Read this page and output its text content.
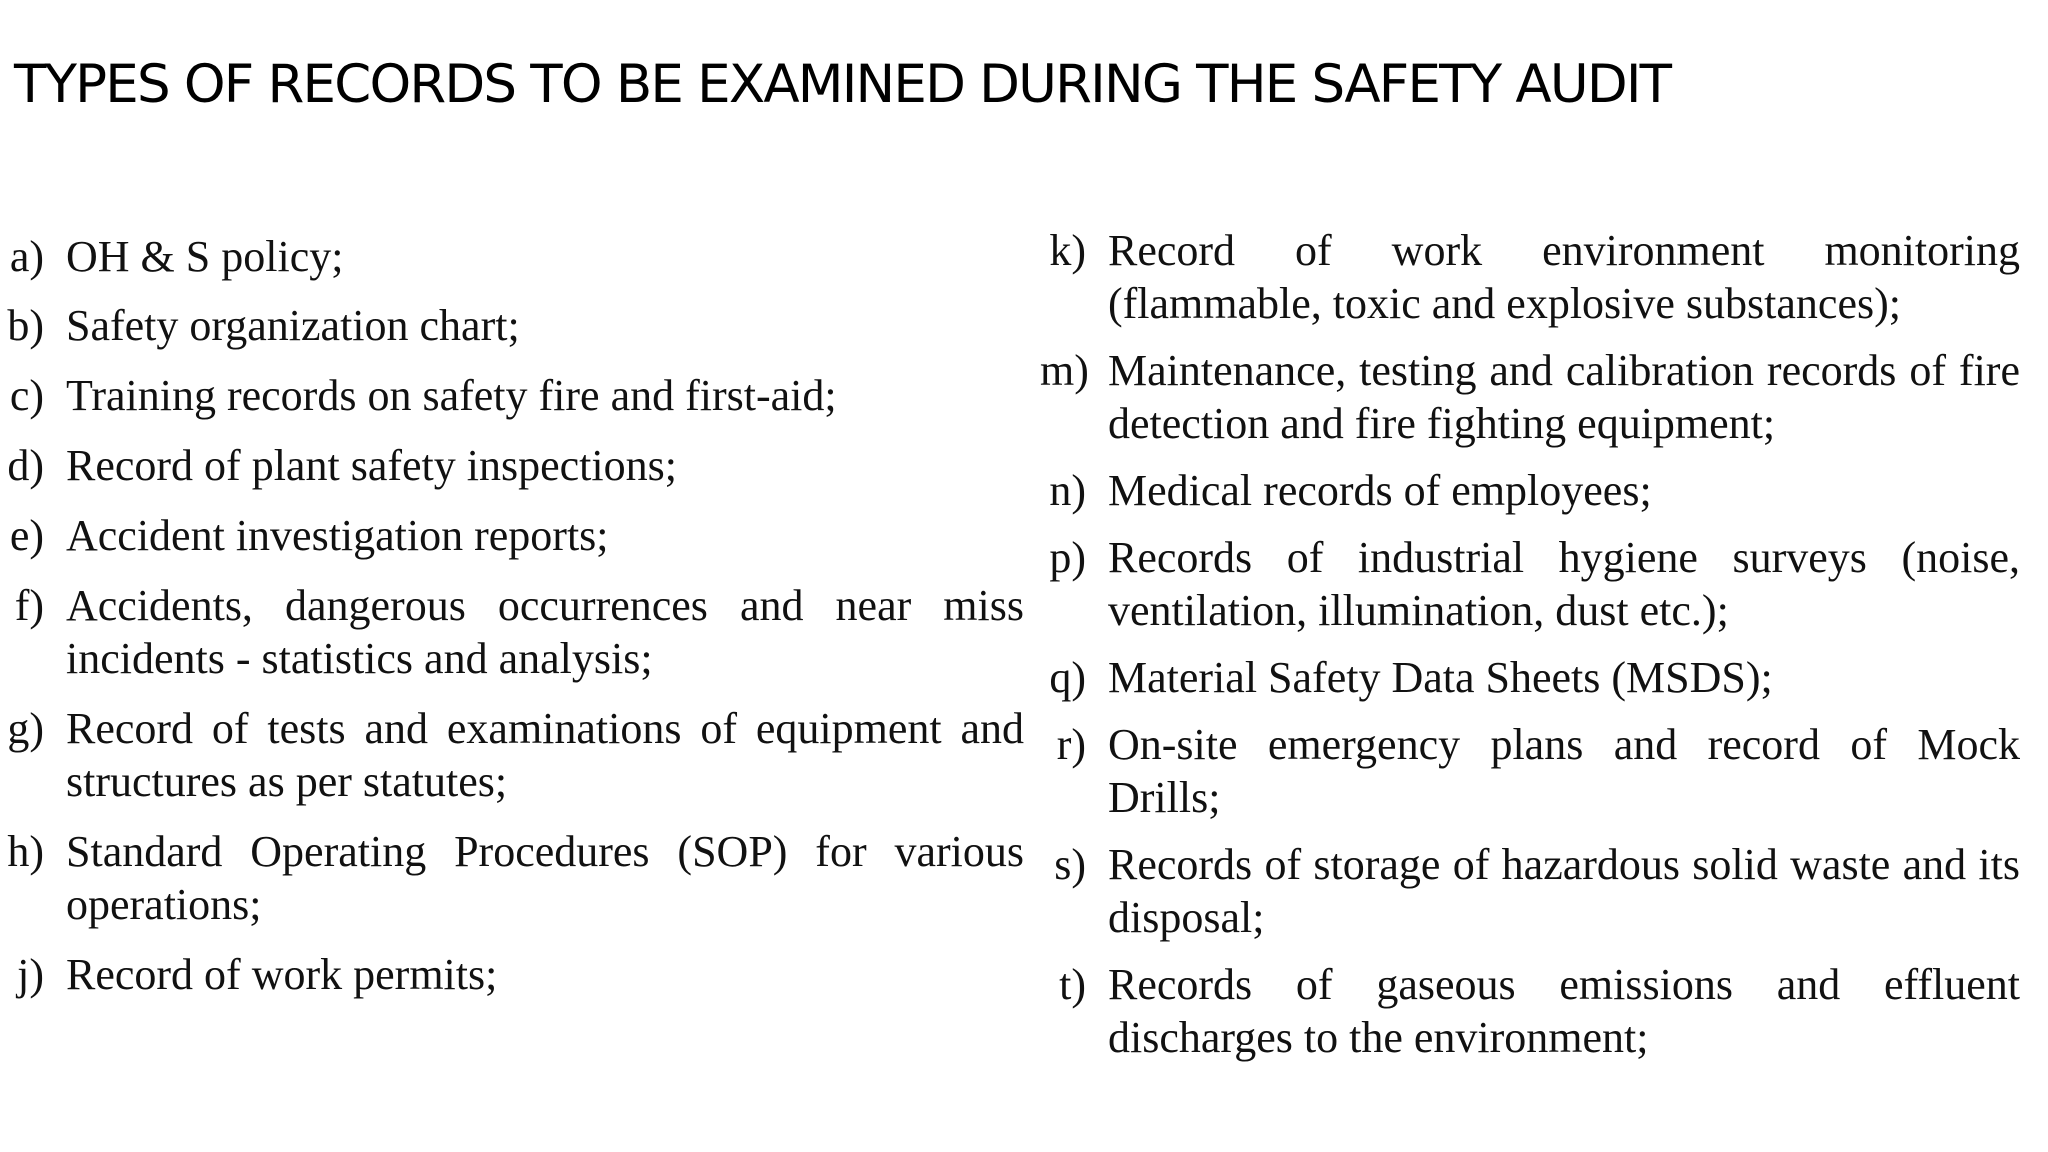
TYPES OF RECORDS TO BE EXAMINED DURING THE SAFETY AUDIT
a) OH & S policy;
b) Safety organization chart;
c) Training records on safety fire and first-aid;
d) Record of plant safety inspections;
e) Accident investigation reports;
f) Accidents, dangerous occurrences and near miss incidents - statistics and analysis;
g) Record of tests and examinations of equipment and structures as per statutes;
h) Standard Operating Procedures (SOP) for various operations;
j) Record of work permits;
k) Record of work environment monitoring (flammable, toxic and explosive substances);
m) Maintenance, testing and calibration records of fire detection and fire fighting equipment;
n) Medical records of employees;
p) Records of industrial hygiene surveys (noise, ventilation, illumination, dust etc.);
q) Material Safety Data Sheets (MSDS);
r) On-site emergency plans and record of Mock Drills;
s) Records of storage of hazardous solid waste and its disposal;
t) Records of gaseous emissions and effluent discharges to the environment;
